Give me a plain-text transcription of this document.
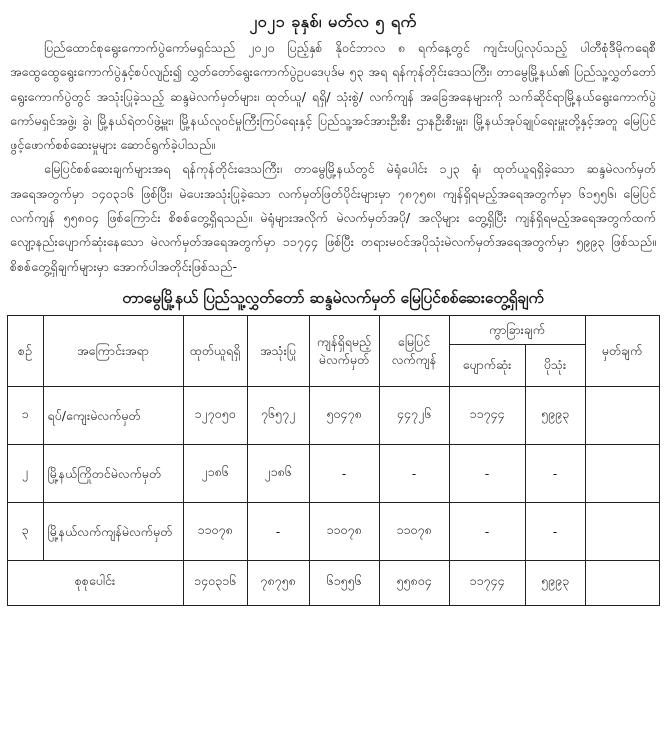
၂၀၂၁ ခုနှစ်၊ မတ်လ ၅ ရက်

ပြည်ထောင်စုရွေးကောက်ပွဲကော်မရှင်သည် ၂၀၂၀ ပြည့်နှစ် နိုဝင်ဘာလ ၈ ရက်နေ့တွင် ကျင်းပပြုလုပ်သည့် ပါတီစုံဒီမိုကရေစီအထွေထွေရွေးကောက်ပွဲနှင့်စပ်လျဉ်း၍ လွှတ်တော်ရွေးကောက်ပွဲဥပဒေပုဒ်မ ၅၃ အရ ရန်ကုန်တိုင်းဒေသကြီး၊ တာမွေမြို့နယ်၏ ပြည်သူ့လွှတ်တော်ရွေးကောက်ပွဲတွင် အသုံးပြုခဲ့သည့် ဆန္ဒမဲလက်မှတ်များ၊ ထုတ်ယူ/ ရရှိ/ သုံးစွဲ/ လက်ကျန် အခြေအနေများကို သက်ဆိုင်ရာမြို့နယ်ရွေးကောက်ပွဲကော်မရှင်အဖွဲ့၊ ခွဲ၊ မြို့နယ်ရဲတပ်ဖွဲ့မှူး၊ မြို့နယ်လူဝင်မှုကြီးကြပ်ရေးနှင့် ပြည်သူ့အင်အားဦးစီး ဌာနဦးစီးမှူး၊ မြို့နယ်အုပ်ချုပ်ရေးမှူးတို့နှင့်အတူ မြေပြင်ဖွင့်ဖောက်စစ်ဆေးမှုများ ဆောင်ရွက်ခဲ့ပါသည်။

မြေပြင်စစ်ဆေးချက်များအရ ရန်ကုန်တိုင်းဒေသကြီး၊ တာမွေမြို့နယ်တွင် မဲရုံပေါင်း ၁၂၃ ရုံ၊ ထုတ်ယူရရှိခဲ့သော ဆန္ဒမဲလက်မှတ်အရေအတွက်မှာ ၁၄၀၃၁၆ ဖြစ်ပြီး၊ မဲပေးအသုံးပြုခဲ့သော လက်မှတ်ဖြတ်ပိုင်းများမှာ ၇၈၇၅၈၊ ကျန်ရှိရမည့်အရေအတွက်မှာ ၆၁၅၅၆၊ မြေပြင်လက်ကျန် ၅၅၈၀၄ ဖြစ်ကြောင်း စိစစ်တွေ့ရှိရသည်။ မဲရုံများအလိုက် မဲလက်မှတ်အပို/ အလိုများ တွေ့ရှိပြီး ကျန်ရှိရမည့်အရေအတွက်ထက် လျော့နည်းပျောက်ဆုံးနေသော မဲလက်မှတ်အရေအတွက်မှာ ၁၁၇၄၄ ဖြစ်ပြီး တရားမဝင်အပိုသုံးမဲလက်မှတ်အရေအတွက်မှာ ၅၉၉၃ ဖြစ်သည်။ စိစစ်တွေ့ရှိချက်များမှာ အောက်ပါအတိုင်းဖြစ်သည်-

တာမွေမြို့နယ် ပြည်သူ့လွှတ်တော် ဆန္ဒမဲလက်မှတ် မြေပြင်စစ်ဆေးတွေ့ရှိချက်
စဉ်	အကြောင်းအရာ	ထုတ်ယူရရှိ	အသုံးပြု	ကျန်ရှိရမည့် မဲလက်မှတ်	မြေပြင် လက်ကျန်	ကွာခြားချက်		မှတ်ချက်
						ပျောက်ဆုံး	ပိုသုံး	
၁	ရပ်/ကျေးမဲလက်မှတ်	၁၂၇၀၅၀	၇၆၅၇၂	၅၀၄၇၈	၄၄၇၂၆	၁၁၇၄၄	၅၉၉၃	
၂	မြို့နယ်ကြိုတင်မဲလက်မှတ်	၂၁၈၆	၂၁၈၆	-	-	-	-	
၃	မြို့နယ်လက်ကျန်မဲလက်မှတ်	၁၁၀၇၈	-	၁၁၀၇၈	၁၁၀၇၈	-	-	
စုစုပေါင်း		၁၄၀၃၁၆	၇၈၇၅၈	၆၁၅၅၆	၅၅၈၀၄	၁၁၇၄၄	၅၉၉၃	
